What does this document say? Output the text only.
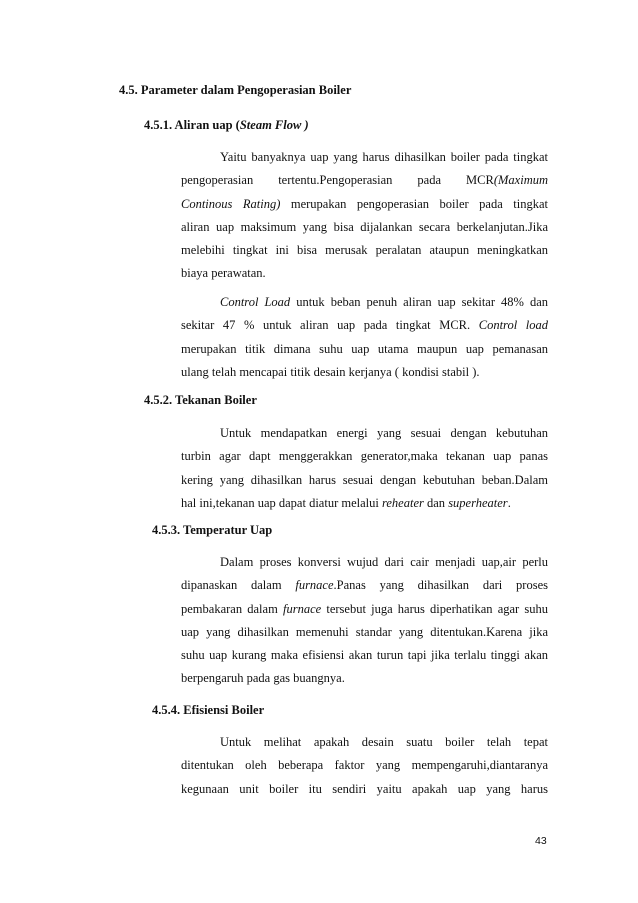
4.5. Parameter dalam Pengoperasian Boiler
4.5.1. Aliran uap (Steam Flow )
Yaitu banyaknya uap yang harus dihasilkan boiler pada tingkat
pengoperasian tertentu.Pengoperasian pada MCR(Maximum
Continous Rating) merupakan pengoperasian boiler pada tingkat
aliran uap maksimum yang bisa dijalankan secara berkelanjutan.Jika
melebihi tingkat ini bisa merusak peralatan ataupun meningkatkan
biaya perawatan.
Control Load untuk beban penuh aliran uap sekitar 48% dan
sekitar 47 % untuk aliran uap pada tingkat MCR. Control load
merupakan titik dimana suhu uap utama maupun uap pemanasan
ulang telah mencapai titik desain kerjanya ( kondisi stabil ).
4.5.2. Tekanan Boiler
Untuk mendapatkan energi yang sesuai dengan kebutuhan
turbin agar dapt menggerakkan generator,maka tekanan uap panas
kering yang dihasilkan harus sesuai dengan kebutuhan beban.Dalam
hal ini,tekanan uap dapat diatur melalui reheater dan superheater.
4.5.3. Temperatur Uap
Dalam proses konversi wujud dari cair menjadi uap,air perlu
dipanaskan dalam furnace.Panas yang dihasilkan dari proses
pembakaran dalam furnace tersebut juga harus diperhatikan agar suhu
uap yang dihasilkan memenuhi standar yang ditentukan.Karena jika
suhu uap kurang maka efisiensi akan turun tapi jika terlalu tinggi akan
berpengaruh pada gas buangnya.
4.5.4. Efisiensi Boiler
Untuk melihat apakah desain suatu boiler telah tepat
ditentukan oleh beberapa faktor yang mempengaruhi,diantaranya
kegunaan unit boiler itu sendiri yaitu apakah uap yang harus
43
